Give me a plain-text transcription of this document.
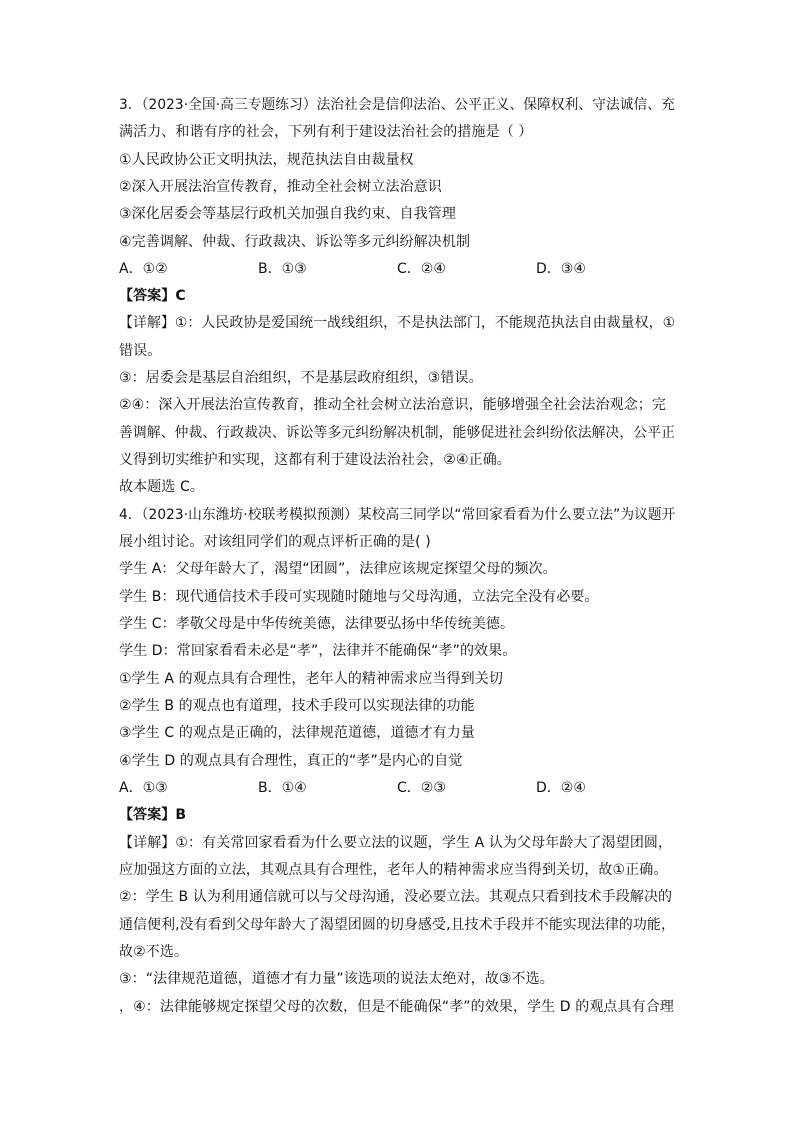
3．（2023·全国·高三专题练习）法治社会是信仰法治、公平正义、保障权利、守法诚信、充
满活力、和谐有序的社会，下列有利于建设法治社会的措施是（ ）
①人民政协公正文明执法，规范执法自由裁量权
②深入开展法治宣传教育，推动全社会树立法治意识
③深化居委会等基层行政机关加强自我约束、自我管理
④完善调解、仲裁、行政裁决、诉讼等多元纠纷解决机制
A．①②	B．①③	C．②④	D．③④
【答案】C
【详解】①：人民政协是爱国统一战线组织，不是执法部门，不能规范执法自由裁量权，①
错误。
③：居委会是基层自治组织，不是基层政府组织，③错误。
②④：深入开展法治宣传教育，推动全社会树立法治意识，能够增强全社会法治观念；完
善调解、仲裁、行政裁决、诉讼等多元纠纷解决机制，能够促进社会纠纷依法解决，公平正
义得到切实维护和实现，这都有利于建设法治社会，②④正确。
故本题选 C。
4．（2023·山东潍坊·校联考模拟预测）某校高三同学以“常回家看看为什么要立法”为议题开
展小组讨论。对该组同学们的观点评析正确的是( )
学生 A：父母年龄大了，渴望“团圆”，法律应该规定探望父母的频次。
学生 B：现代通信技术手段可实现随时随地与父母沟通，立法完全没有必要。
学生 C：孝敬父母是中华传统美德，法律要弘扬中华传统美德。
学生 D：常回家看看未必是“孝”，法律并不能确保“孝”的效果。
①学生 A 的观点具有合理性，老年人的精神需求应当得到关切
②学生 B 的观点也有道理，技术手段可以实现法律的功能
③学生 C 的观点是正确的，法律规范道德，道德才有力量
④学生 D 的观点具有合理性，真正的“孝”是内心的自觉
A．①③	B．①④	C．②③	D．②④
【答案】B
【详解】①：有关常回家看看为什么要立法的议题，学生 A 认为父母年龄大了渴望团圆，
应加强这方面的立法，其观点具有合理性，老年人的精神需求应当得到关切，故①正确。
②：学生 B 认为利用通信就可以与父母沟通，没必要立法。其观点只看到技术手段解决的
通信便利,没有看到父母年龄大了渴望团圆的切身感受,且技术手段并不能实现法律的功能，
故②不选。
③：“法律规范道德，道德才有力量”该选项的说法太绝对，故③不选。
，④：法律能够规定探望父母的次数，但是不能确保“孝”的效果，学生 D 的观点具有合理
